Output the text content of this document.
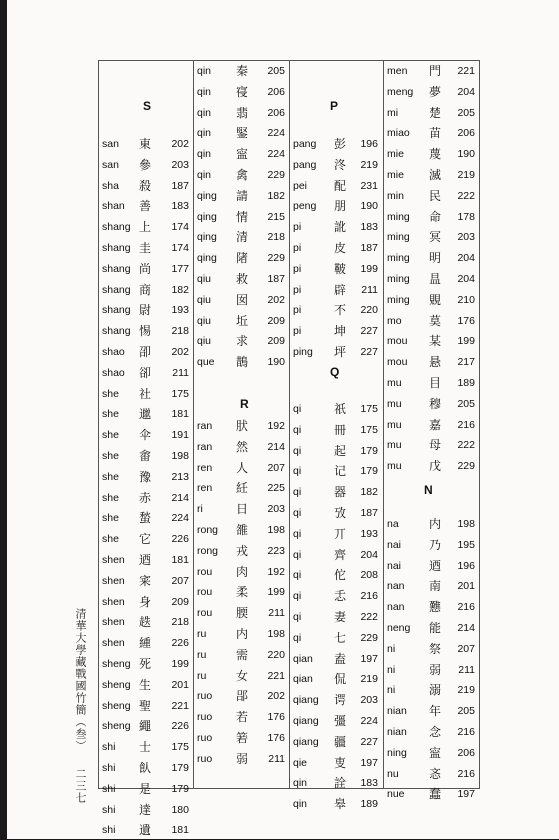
清華大學藏戰國竹簡（叁）二三七
S
san 東 202
san 參 203
sha 殺 187
shan 善 183
shang 上 174
shang 圭 174
shang 尚 177
shang 商 182
shang 尉 193
shang 惕 218
shao 卲 202
shao 卻 211
she 社 175
she 邋 181
she 伞 191
she 畬 198
she 豫 213
she 赤 214
she 蝵 224
she 它 226
shen 迺 181
shen 宷 207
shen 身 209
shen 趃 218
shen 緟 226
sheng 死 199
sheng 生 201
sheng 聖 221
sheng 繩 226
shi 士 175
shi 飤 179
shi 是 179
shi 達 180
shi 遺 181
qin 秦 205
qin 寑 206
qin 翡 206
qin 鋻 224
qin 寍 224
qin 禽 229
qing 請 182
qing 情 215
qing 清 218
qing 陼 229
qiu 救 187
qiu 囡 202
qiu 坵 209
qiu 求 209
que 鵲 190
R
ran 肰 192
ran 然 214
ren 人 207
ren 紝 225
ri	日 203
rong 雒 198
rong 戎 223
rou 肉 192
rou 柔 199
rou 腝 211
ru 内 198
ru 需 220
ru 女 221
ruo 郘 202
ruo 若 176
ruo 箬 176
ruo 弱 211
P
pang 彭 196
pang 泈 219
pei 配 231
peng 朋 190
pi	訛 183
pi	皮 187
pi	鞁 199
pi	辟 211
pi	不 220
pi	坤 227
ping 坪 227
Q
qi	祇 175
qi	冊 175
qi	起 179
qi	记 179
qi	器 182
qi	攷 187
qi	丌 193
qi	齊 204
qi	佗 208
qi	忎 216
qi	妻 222
qi	七 229
qian 盍 197
qian 侃 219
qiang 谔 203
qiang 彊 224
qiang 疆 227
qie 叓 197
qin 詮 183
qin 皋 189
men 門 221
meng 夢 204
mi	楚 205
miao 苗 206
mie 蔑 190
mie 滅 219
min 民 222
ming 命 178
ming 冥 203
ming 明 204
ming 昷 204
ming 覞 210
mo 莫 176
mou 某 199
mou 悬 217
mu 目 189
mu 穆 205
mu 嘉 216
mu 母 222
mu 戊 229
N
na	内 198
nai 乃 195
nai 迺 196
nan 南 201
nan 戁 216
neng 能 214
ni	祭 207
ni	弱 211
ni	溺 219
nian 年 205
nian 念 216
ning 寍 206
nu	忞 216
nue 蠢 197
